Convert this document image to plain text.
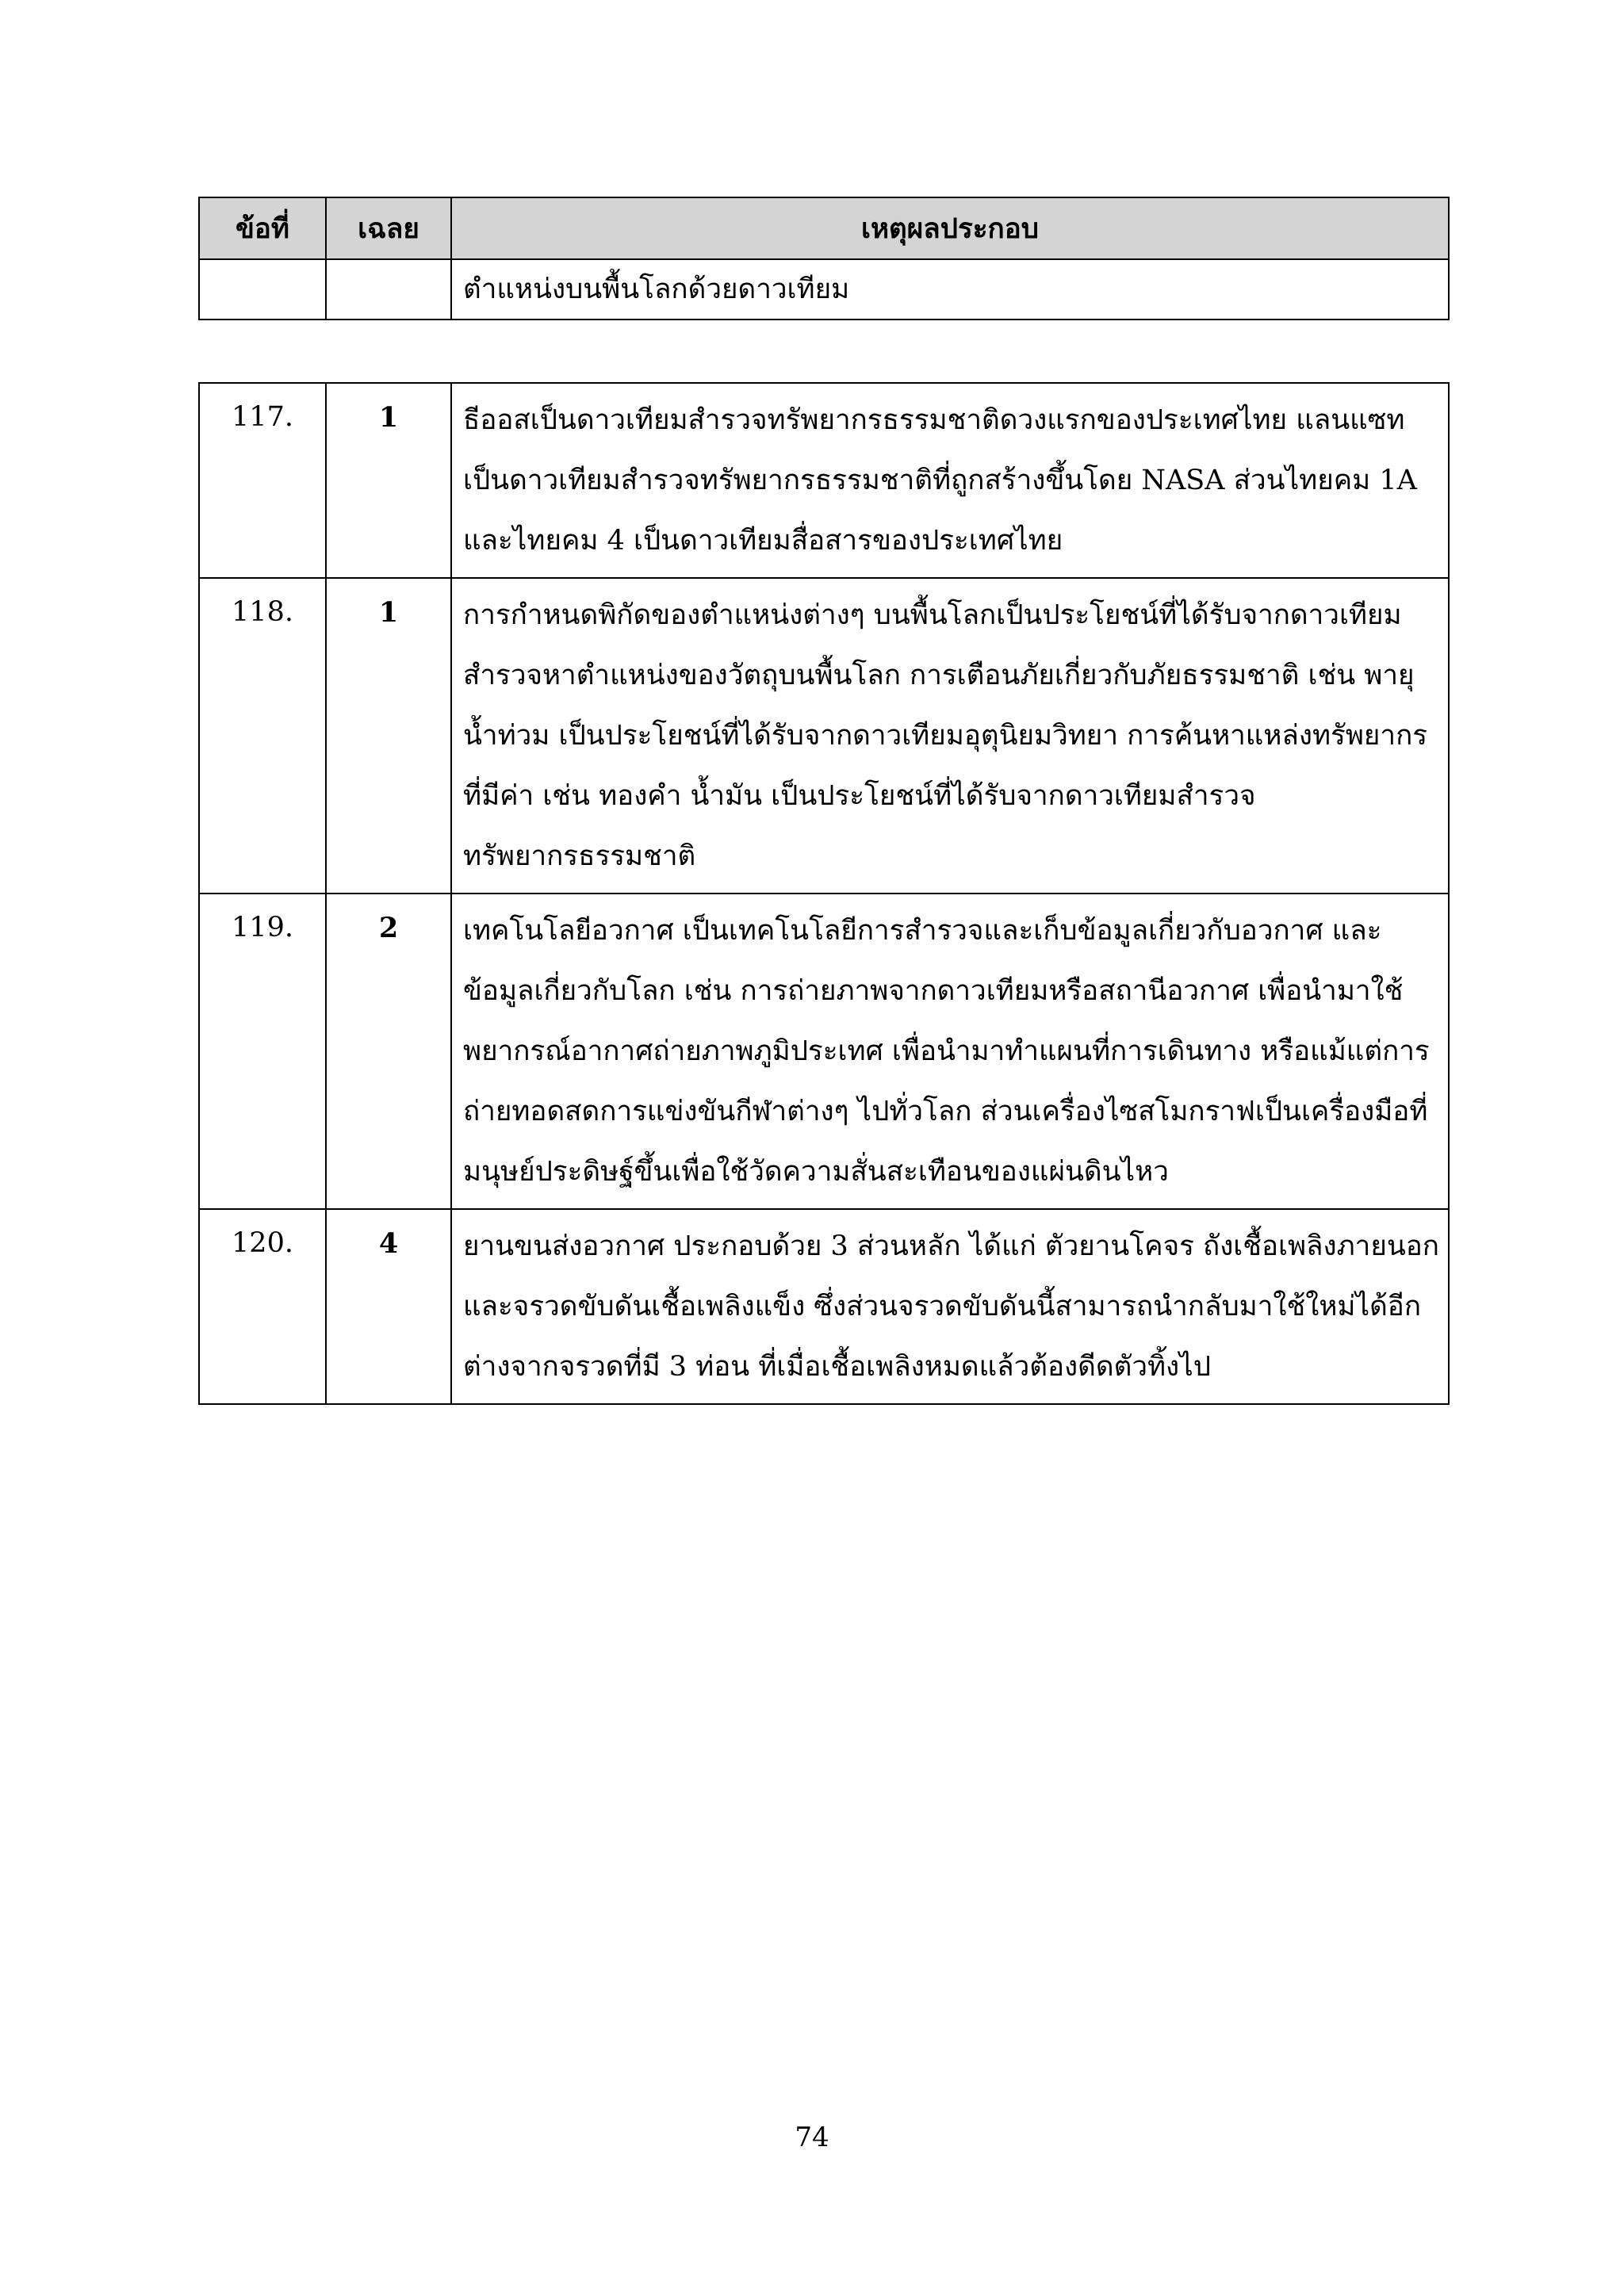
ข้อที่	เฉลย	เหตุผลประกอบ
		ตำแหน่งบนพื้นโลกด้วยดาวเทียม
117.	1	ธีออสเป็นดาวเทียมสำรวจทรัพยากรธรรมชาติดวงแรกของประเทศไทย แลนแซท
เป็นดาวเทียมสำรวจทรัพยากรธรรมชาติที่ถูกสร้างขึ้นโดย NASA ส่วนไทยคม 1A
และไทยคม 4 เป็นดาวเทียมสื่อสารของประเทศไทย

118.	1	การกำหนดพิกัดของตำแหน่งต่างๆ บนพื้นโลกเป็นประโยชน์ที่ได้รับจากดาวเทียม
สำรวจหาตำแหน่งของวัตถุบนพื้นโลก การเตือนภัยเกี่ยวกับภัยธรรมชาติ เช่น พายุ
น้ำท่วม เป็นประโยชน์ที่ได้รับจากดาวเทียมอุตุนิยมวิทยา การค้นหาแหล่งทรัพยากร
ที่มีค่า เช่น ทองคำ น้ำมัน เป็นประโยชน์ที่ได้รับจากดาวเทียมสำรวจ
ทรัพยากรธรรมชาติ

119.	2	เทคโนโลยีอวกาศ เป็นเทคโนโลยีการสำรวจและเก็บข้อมูลเกี่ยวกับอวกาศ และ
ข้อมูลเกี่ยวกับโลก เช่น การถ่ายภาพจากดาวเทียมหรือสถานีอวกาศ เพื่อนำมาใช้
พยากรณ์อากาศถ่ายภาพภูมิประเทศ เพื่อนำมาทำแผนที่การเดินทาง หรือแม้แต่การ
ถ่ายทอดสดการแข่งขันกีฬาต่างๆ ไปทั่วโลก ส่วนเครื่องไซสโมกราฟเป็นเครื่องมือที่
มนุษย์ประดิษฐ์ขึ้นเพื่อใช้วัดความสั่นสะเทือนของแผ่นดินไหว

120.	4	ยานขนส่งอวกาศ ประกอบด้วย 3 ส่วนหลัก ได้แก่ ตัวยานโคจร ถังเชื้อเพลิงภายนอก
และจรวดขับดันเชื้อเพลิงแข็ง ซึ่งส่วนจรวดขับดันนี้สามารถนำกลับมาใช้ใหม่ได้อีก
ต่างจากจรวดที่มี 3 ท่อน ที่เมื่อเชื้อเพลิงหมดแล้วต้องดีดตัวทิ้งไป
74
